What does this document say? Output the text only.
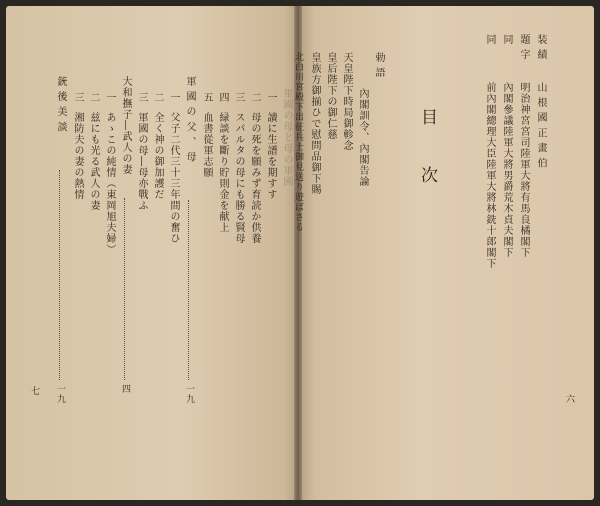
六
装 績
山 根 國 正 畫 伯
題 字
明治神宮宮司陸軍大將有馬良橘閣下
同
內閣參議陸軍大將男爵荒木貞夫閣下
同
前內閣總理大臣陸軍大將林銑十郎閣下
目
次
勅 語
內閣訓令、內閣告論
天皇陛下時局御軫念
皇后陛下の御仁慈
皇族方御揃ひで慰問品御下賜
北白川宮殿下出征兵士御見送り遊ばさる
七
軍國の母と母の軍國
一
讀に生譜を期すす
二
母の死を願みず育読か供養
三
スパルタの母にも勝る賢母
四
緑談を斷り貯則金を献上
五
血書從軍志願
軍 國 の 父 、 母
一九
一
父子二代三十三年間の奮ひ
二
全く神の御加護だ
三
軍國の母―母亦戰ふ
大和撫子―武人の妻
四
一
あゝこの純情（東岡旭夫婦）
二
兹にも光る武人の妻
三
湘防夫の妻の熱情
銃 後 美 談
一九
